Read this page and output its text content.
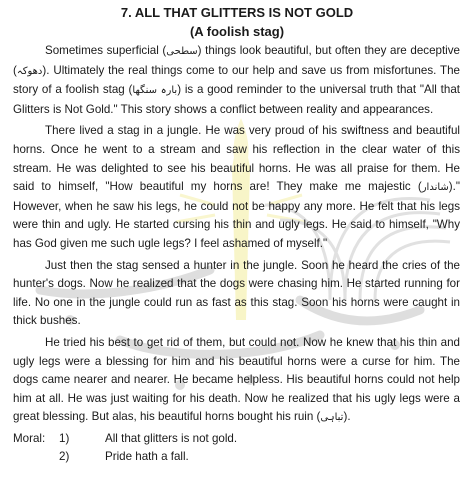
7. ALL THAT GLITTERS IS NOT GOLD
(A foolish stag)

Sometimes superficial (سطحی) things look beautiful, but often they are deceptive (دھوکہ). Ultimately the real things come to our help and save us from misfortunes. The story of a foolish stag (بارہ سنگھا) is a good reminder to the universal truth that "All that Glitters is Not Gold." This story shows a conflict between reality and appearances.

There lived a stag in a jungle. He was very proud of his swiftness and beautiful horns. Once he went to a stream and saw his reflection in the clear water of this stream. He was delighted to see his beautiful horns. He was all praise for them. He said to himself, "How beautiful my horns are! They make me majestic (شاندار)." However, when he saw his legs, he could not be happy any more. He felt that his legs were thin and ugly. He started cursing his thin and ugly legs. He said to himself, "Why has God given me such ugle legs? I feel ashamed of myself."

Just then the stag sensed a hunter in the jungle. Soon he heard the cries of the hunter's dogs. Now he realized that the dogs were chasing him. He started running for life. No one in the jungle could run as fast as this stag. Soon his horns were caught in thick bushes.

He tried his best to get rid of them, but could not. Now he knew that his thin and ugly legs were a blessing for him and his beautiful horns were a curse for him. The dogs came nearer and nearer. He became helpless. His beautiful horns could not help him at all. He was just waiting for his death. Now he realized that his ugly legs were a great blessing. But alas, his beautiful horns bought his ruin (تباہی).

Moral:	1)	All that glitters is not gold.
2)	Pride hath a fall.
